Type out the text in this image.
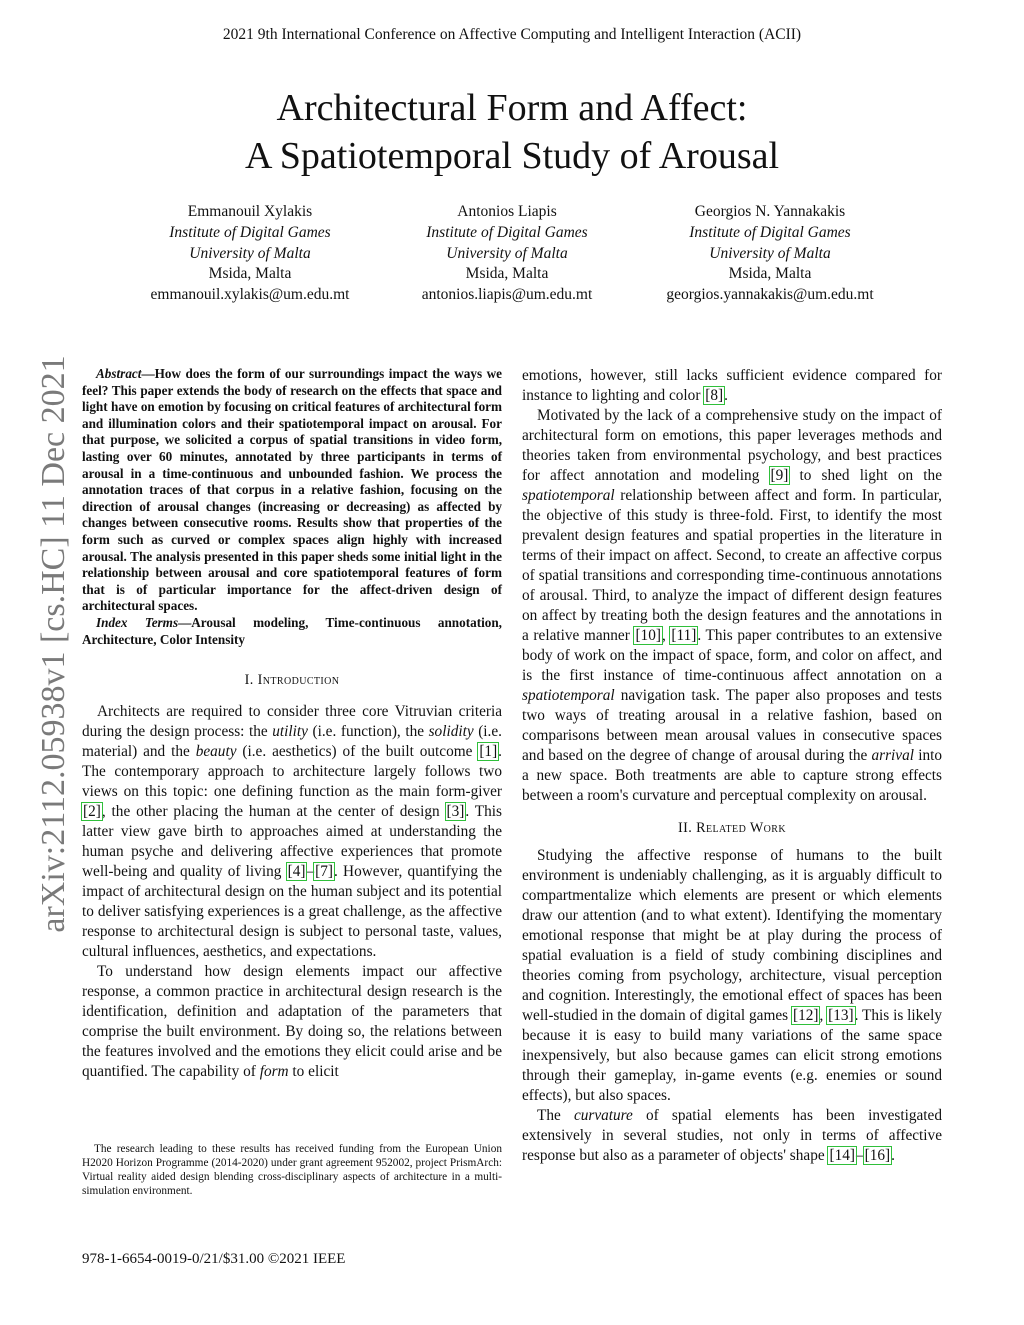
2021 9th International Conference on Affective Computing and Intelligent Interaction (ACII)
Architectural Form and Affect:
A Spatiotemporal Study of Arousal
Emmanouil Xylakis
Institute of Digital Games
University of Malta
Msida, Malta
emmanouil.xylakis@um.edu.mt
Antonios Liapis
Institute of Digital Games
University of Malta
Msida, Malta
antonios.liapis@um.edu.mt
Georgios N. Yannakakis
Institute of Digital Games
University of Malta
Msida, Malta
georgios.yannakakis@um.edu.mt
arXiv:2112.05938v1 [cs.HC] 11 Dec 2021	Abstract—How does the form of our surroundings impact the ways we feel? This paper extends the body of research on the effects that space and light have on emotion by focusing on critical features of architectural form and illumination colors and their spatiotemporal impact on arousal. For that purpose, we solicited a corpus of spatial transitions in video form, lasting over 60 minutes, annotated by three participants in terms of arousal in a time-continuous and unbounded fashion. We process the annotation traces of that corpus in a relative fashion, focusing on the direction of arousal changes (increasing or decreasing) as affected by changes between consecutive rooms. Results show that properties of the form such as curved or complex spaces align highly with increased arousal. The analysis presented in this paper sheds some initial light in the relationship between arousal and core spatiotemporal features of form that is of particular importance for the affect-driven design of architectural spaces.

Index Terms—Arousal modeling, Time-continuous annotation, Architecture, Color Intensity

I. Introduction

Architects are required to consider three core Vitruvian criteria during the design process: the utility (i.e. function), the solidity (i.e. material) and the beauty (i.e. aesthetics) of the built outcome [1]. The contemporary approach to architecture largely follows two views on this topic: one defining function as the main form-giver [2], the other placing the human at the center of design [3]. This latter view gave birth to approaches aimed at understanding the human psyche and delivering affective experiences that promote well-being and quality of living [4]–[7]. However, quantifying the impact of architectural design on the human subject and its potential to deliver satisfying experiences is a great challenge, as the affective response to architectural design is subject to personal taste, values, cultural influences, aesthetics, and expectations.

To understand how design elements impact our affective response, a common practice in architectural design research is the identification, definition and adaptation of the parameters that comprise the built environment. By doing so, the relations between the features involved and the emotions they elicit could arise and be quantified. The capability of form to elicit

The research leading to these results has received funding from the European Union H2020 Horizon Programme (2014-2020) under grant agreement 952002, project PrismArch: Virtual reality aided design blending cross-disciplinary aspects of architecture in a multi-simulation environment.
978-1-6654-0019-0/21/$31.00 ©2021 IEEE

emotions, however, still lacks sufficient evidence compared for instance to lighting and color [8].

Motivated by the lack of a comprehensive study on the impact of architectural form on emotions, this paper leverages methods and theories taken from environmental psychology, and best practices for affect annotation and modeling [9] to shed light on the spatiotemporal relationship between affect and form. In particular, the objective of this study is three-fold. First, to identify the most prevalent design features and spatial properties in the literature in terms of their impact on affect. Second, to create an affective corpus of spatial transitions and corresponding time-continuous annotations of arousal. Third, to analyze the impact of different design features on affect by treating both the design features and the annotations in a relative manner [10], [11]. This paper contributes to an extensive body of work on the impact of space, form, and color on affect, and is the first instance of time-continuous affect annotation on a spatiotemporal navigation task. The paper also proposes and tests two ways of treating arousal in a relative fashion, based on comparisons between mean arousal values in consecutive spaces and based on the degree of change of arousal during the arrival into a new space. Both treatments are able to capture strong effects between a room's curvature and perceptual complexity on arousal.

II. Related Work

Studying the affective response of humans to the built environment is undeniably challenging, as it is arguably difficult to compartmentalize which elements are present or which elements draw our attention (and to what extent). Identifying the momentary emotional response that might be at play during the process of spatial evaluation is a field of study combining disciplines and theories coming from psychology, architecture, visual perception and cognition. Interestingly, the emotional effect of spaces has been well-studied in the domain of digital games [12], [13]. This is likely because it is easy to build many variations of the same space inexpensively, but also because games can elicit strong emotions through their gameplay, in-game events (e.g. enemies or sound effects), but also spaces.

The curvature of spatial elements has been investigated extensively in several studies, not only in terms of affective response but also as a parameter of objects' shape [14]–[16].
